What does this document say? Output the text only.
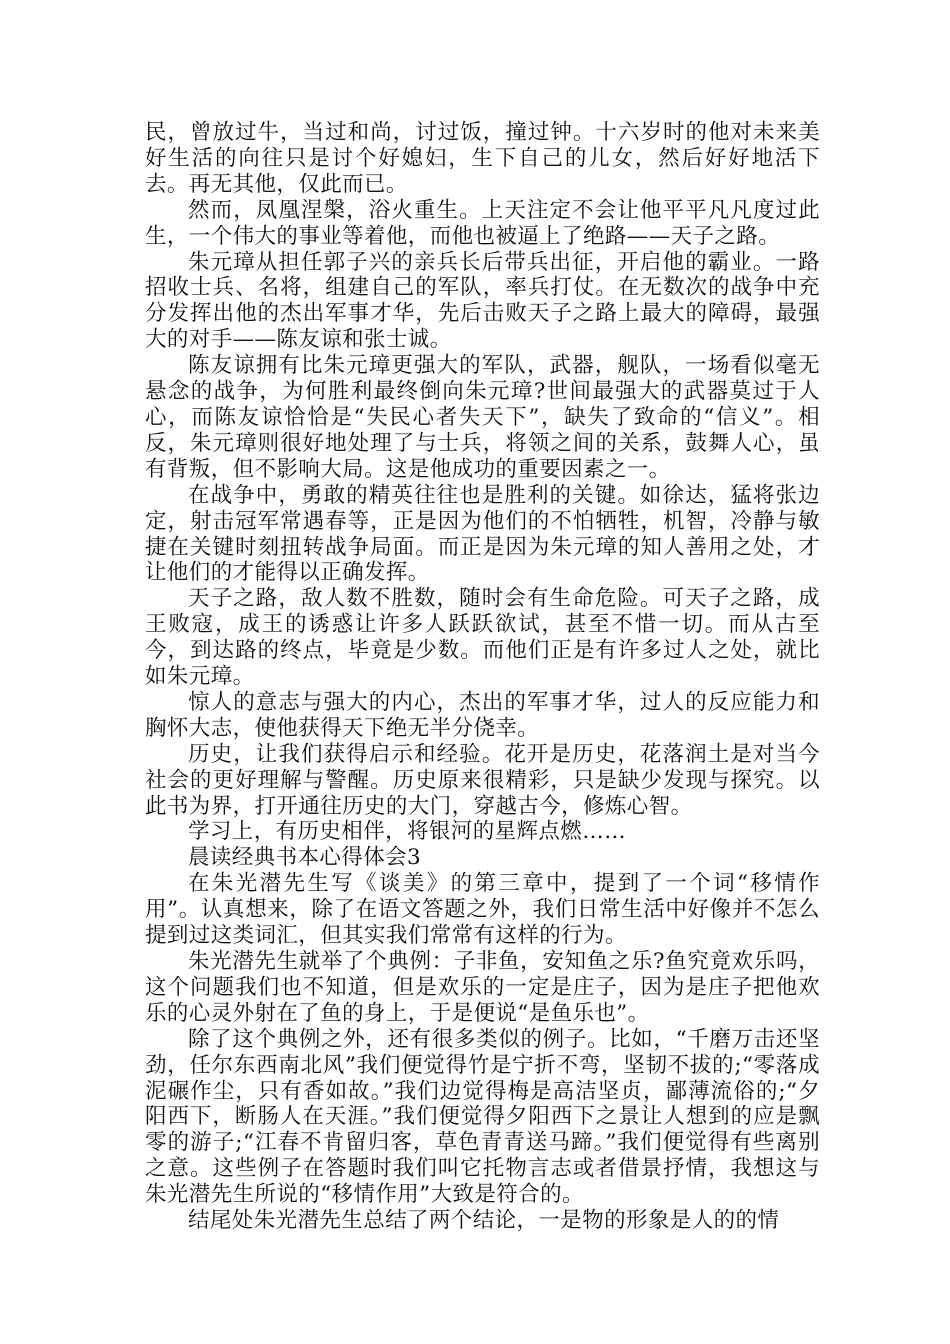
民，曾放过牛，当过和尚，讨过饭，撞过钟。十六岁时的他对未来美好生活的向往只是讨个好媳妇，生下自己的儿女，然后好好地活下去。再无其他，仅此而已。

然而，凤凰涅槃，浴火重生。上天注定不会让他平平凡凡度过此生，一个伟大的事业等着他，而他也被逼上了绝路——天子之路。

朱元璋从担任郭子兴的亲兵长后带兵出征，开启他的霸业。一路招收士兵、名将，组建自己的军队，率兵打仗。在无数次的战争中充分发挥出他的杰出军事才华，先后击败天子之路上最大的障碍，最强大的对手——陈友谅和张士诚。

陈友谅拥有比朱元璋更强大的军队，武器，舰队，一场看似毫无悬念的战争，为何胜利最终倒向朱元璋?世间最强大的武器莫过于人心，而陈友谅恰恰是“失民心者失天下”，缺失了致命的“信义”。相反，朱元璋则很好地处理了与士兵，将领之间的关系，鼓舞人心，虽有背叛，但不影响大局。这是他成功的重要因素之一。

在战争中，勇敢的精英往往也是胜利的关键。如徐达，猛将张边定，射击冠军常遇春等，正是因为他们的不怕牺牲，机智，冷静与敏捷在关键时刻扭转战争局面。而正是因为朱元璋的知人善用之处，才让他们的才能得以正确发挥。

天子之路，敌人数不胜数，随时会有生命危险。可天子之路，成王败寇，成王的诱惑让许多人跃跃欲试，甚至不惜一切。而从古至今，到达路的终点，毕竟是少数。而他们正是有许多过人之处，就比如朱元璋。

惊人的意志与强大的内心，杰出的军事才华，过人的反应能力和胸怀大志，使他获得天下绝无半分侥幸。

历史，让我们获得启示和经验。花开是历史，花落润土是对当今社会的更好理解与警醒。历史原来很精彩，只是缺少发现与探究。以此书为界，打开通往历史的大门，穿越古今，修炼心智。

学习上，有历史相伴，将银河的星辉点燃……

晨读经典书本心得体会3

在朱光潜先生写《谈美》的第三章中，提到了一个词“移情作用”。认真想来，除了在语文答题之外，我们日常生活中好像并不怎么提到过这类词汇，但其实我们常常有这样的行为。

朱光潜先生就举了个典例：子非鱼，安知鱼之乐?鱼究竟欢乐吗，这个问题我们也不知道，但是欢乐的一定是庄子，因为是庄子把他欢乐的心灵外射在了鱼的身上，于是便说“是鱼乐也”。

除了这个典例之外，还有很多类似的例子。比如，“千磨万击还坚劲，任尔东西南北风”我们便觉得竹是宁折不弯，坚韧不拔的;“零落成泥碾作尘，只有香如故。”我们边觉得梅是高洁坚贞，鄙薄流俗的;“夕阳西下，断肠人在天涯。”我们便觉得夕阳西下之景让人想到的应是飘零的游子;“江春不肯留归客，草色青青送马蹄。”我们便觉得有些离别之意。这些例子在答题时我们叫它托物言志或者借景抒情，我想这与朱光潜先生所说的“移情作用”大致是符合的。

结尾处朱光潜先生总结了两个结论，一是物的形象是人的的情
